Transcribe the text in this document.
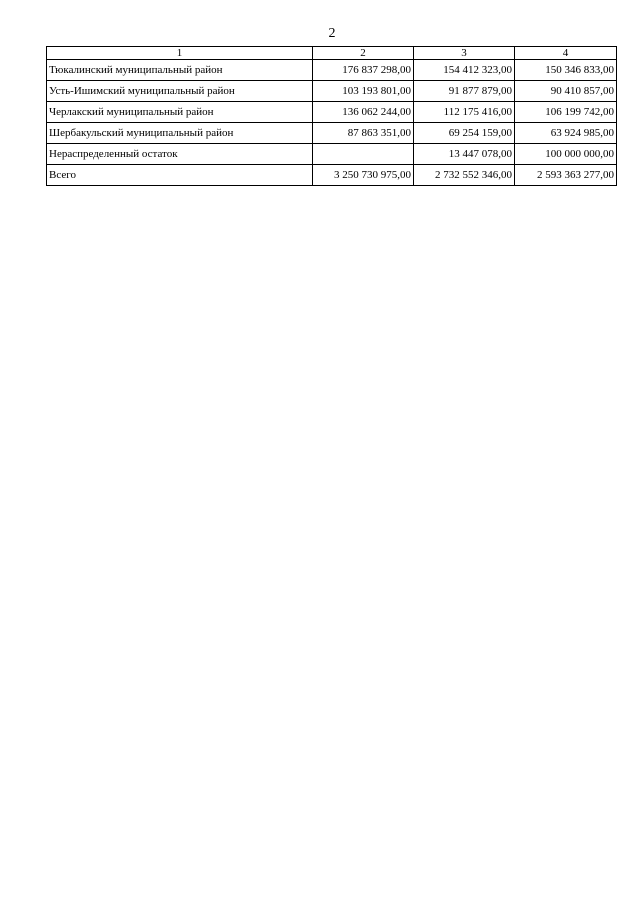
2
1	2	3	4
Тюкалинский муниципальный район	176 837 298,00	154 412 323,00	150 346 833,00
Усть-Ишимский муниципальный район	103 193 801,00	91 877 879,00	90 410 857,00
Черлакский муниципальный район	136 062 244,00	112 175 416,00	106 199 742,00
Шербакульский муниципальный район	87 863 351,00	69 254 159,00	63 924 985,00
Нераспределенный остаток		13 447 078,00	100 000 000,00
Всего	3 250 730 975,00	2 732 552 346,00	2 593 363 277,00
